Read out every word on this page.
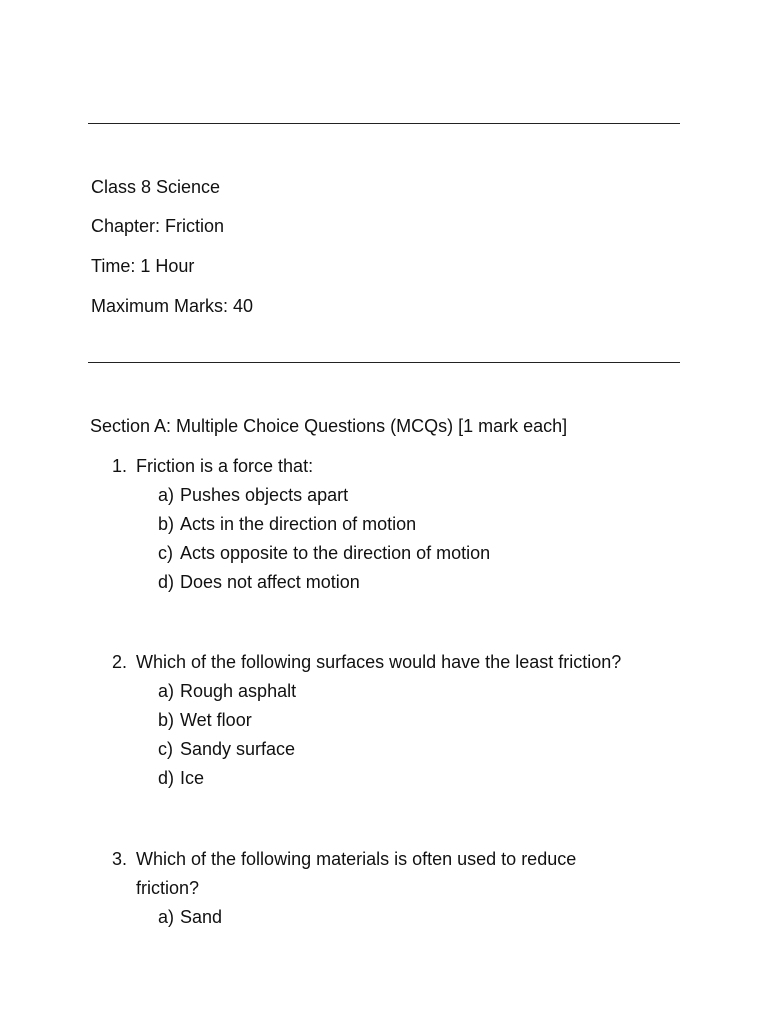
Class 8 Science
Chapter: Friction
Time: 1 Hour
Maximum Marks: 40
Section A: Multiple Choice Questions (MCQs) [1 mark each]
1. Friction is a force that:
a) Pushes objects apart
b) Acts in the direction of motion
c) Acts opposite to the direction of motion
d) Does not affect motion
2. Which of the following surfaces would have the least friction?
a) Rough asphalt
b) Wet floor
c) Sandy surface
d) Ice
3. Which of the following materials is often used to reduce friction?
a) Sand
